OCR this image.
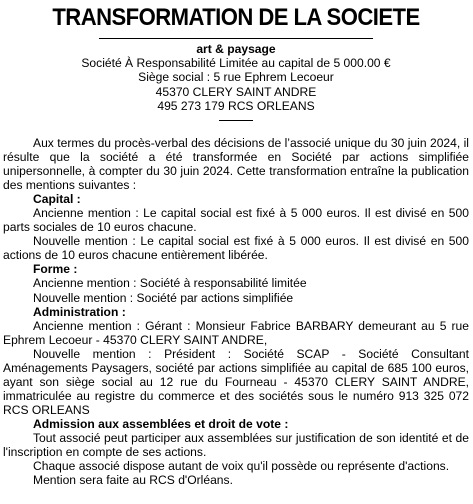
TRANSFORMATION DE LA SOCIETE
art & paysage
Société À Responsabilité Limitée au capital de 5 000.00 €
Siège social : 5 rue Ephrem Lecoeur
45370 CLERY SAINT ANDRE
495 273 179 RCS ORLEANS

Aux termes du procès-verbal des décisions de l’associé unique du 30 juin 2024, il résulte que la société a été transformée en Société par actions simplifiée unipersonnelle, à compter du 30 juin 2024. Cette transformation entraîne la publication des mentions suivantes :

Capital :

Ancienne mention : Le capital social est fixé à 5 000 euros. Il est divisé en 500 parts sociales de 10 euros chacune.

Nouvelle mention : Le capital social est fixé à 5 000 euros. Il est divisé en 500 actions de 10 euros chacune entièrement libérée.

Forme :

Ancienne mention : Société à responsabilité limitée

Nouvelle mention : Société par actions simplifiée

Administration :

Ancienne mention : Gérant : Monsieur Fabrice BARBARY demeurant au 5 rue Ephrem Lecoeur - 45370 CLERY SAINT ANDRE,

Nouvelle mention : Président : Société SCAP - Société Consultant Aménagements Paysagers, société par actions simplifiée au capital de 685 100 euros, ayant son siège social au 12 rue du Fourneau - 45370 CLERY SAINT ANDRE, immatriculée au registre du commerce et des sociétés sous le numéro 913 325 072 RCS ORLEANS

Admission aux assemblées et droit de vote :

Tout associé peut participer aux assemblées sur justification de son identité et de l'inscription en compte de ses actions.

Chaque associé dispose autant de voix qu'il possède ou représente d'actions.

Mention sera faite au RCS d'Orléans.
